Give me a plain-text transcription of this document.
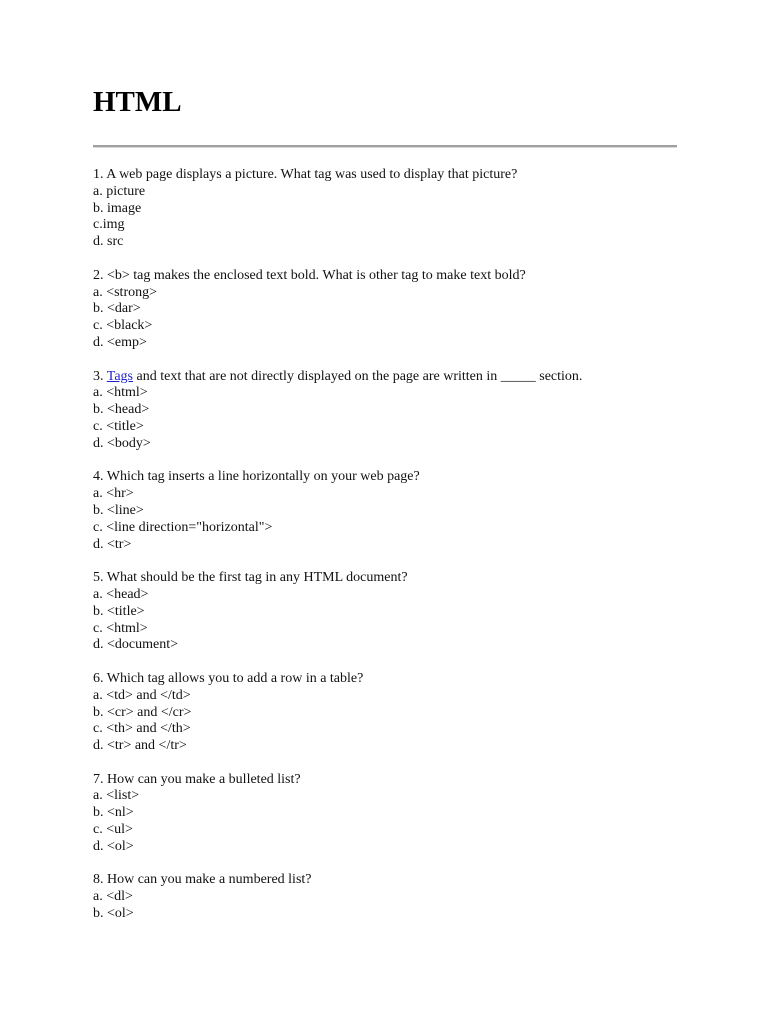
HTML
1. A web page displays a picture. What tag was used to display that picture?
a. picture
b. image
c.img
d. src
2. <b> tag makes the enclosed text bold. What is other tag to make text bold?
a. <strong>
b. <dar>
c. <black>
d. <emp>
3. Tags and text that are not directly displayed on the page are written in _____ section.
a. <html>
b. <head>
c. <title>
d. <body>
4. Which tag inserts a line horizontally on your web page?
a. <hr>
b. <line>
c. <line direction="horizontal">
d. <tr>
5. What should be the first tag in any HTML document?
a. <head>
b. <title>
c. <html>
d. <document>
6. Which tag allows you to add a row in a table?
a. <td> and </td>
b. <cr> and </cr>
c. <th> and </th>
d. <tr> and </tr>
7. How can you make a bulleted list?
a. <list>
b. <nl>
c. <ul>
d. <ol>
8. How can you make a numbered list?
a. <dl>
b. <ol>
